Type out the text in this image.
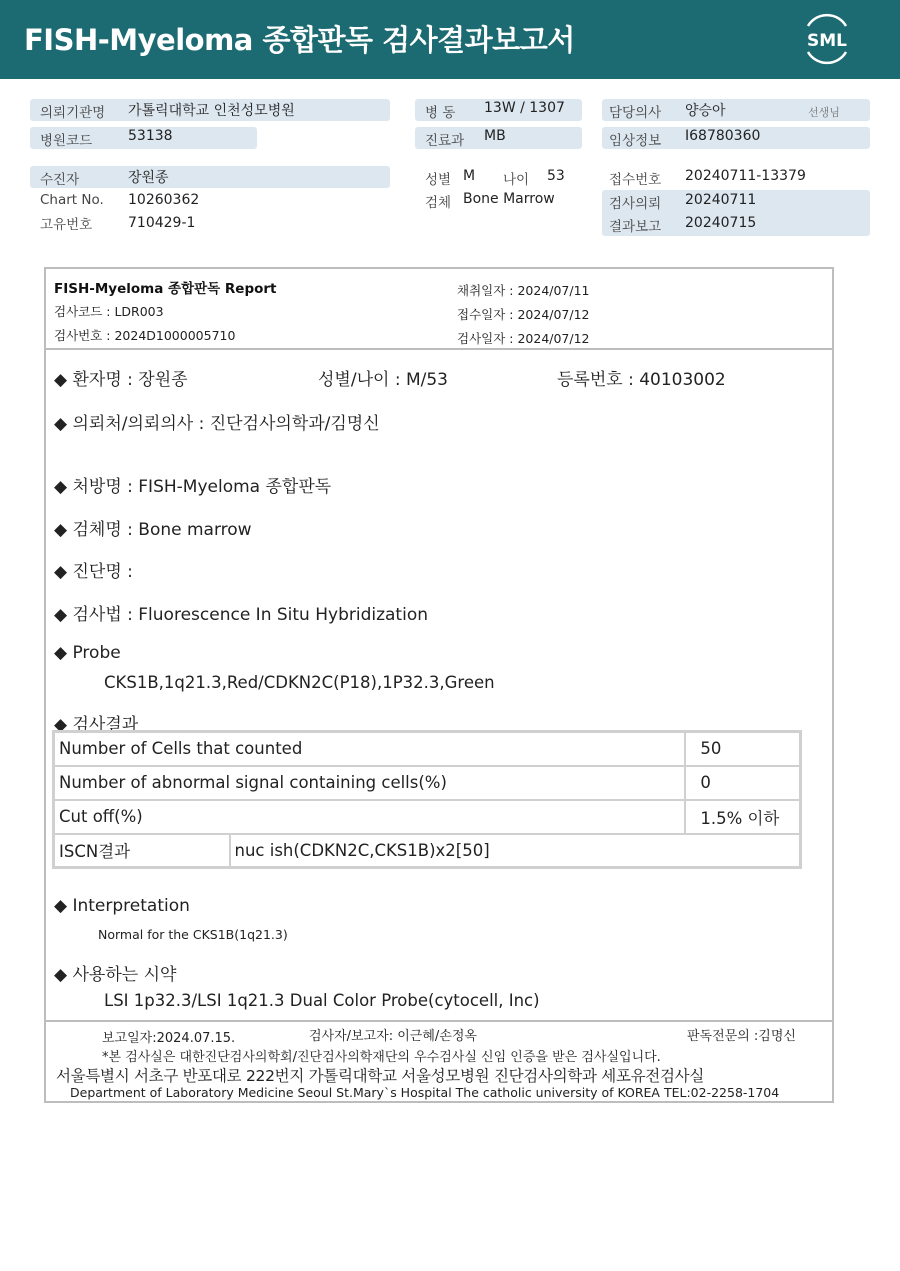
FISH-Myeloma 종합판독 검사결과보고서	SML
의뢰기관명 가톨릭대학교 인천성모병원
병원코드	53138
병 동 13W / 1307
진료과 MB
담당의사 양승아	선생님
임상정보 I68780360
수진자	장원종
Chart No. 10260362
고유번호	710429-1
성별 M 나이 53
검체 Bone Marrow
접수번호 20240711-13379
검사의뢰 20240711
결과보고 20240715
FISH-Myeloma 종합판독 Report
검사코드 : LDR003
검사번호 : 2024D1000005710
채취일자 : 2024/07/11
접수일자 : 2024/07/12
검사일자 : 2024/07/12
◆ 환자명 : 장원종	성별/나이 : M/53	등록번호 : 40103002
◆ 의뢰처/의뢰의사 : 진단검사의학과/김명신
◆ 처방명 : FISH-Myeloma 종합판독
◆ 검체명 : Bone marrow
◆ 진단명 :
◆ 검사법 : Fluorescence In Situ Hybridization
◆ Probe
CKS1B,1q21.3,Red/CDKN2C(P18),1P32.3,Green
◆ 검사결과
Number of Cells that counted		50
Number of abnormal signal containing cells(%)		0
Cut off(%)		1.5% 이하
ISCN결과	nuc ish(CDKN2C,CKS1B)x2[50]	
◆ Interpretation
Normal for the CKS1B(1q21.3)
◆ 사용하는 시약
LSI 1p32.3/LSI 1q21.3 Dual Color Probe(cytocell, Inc)
보고일자:2024.07.15.	검사자/보고자: 이근혜/손정옥	판독전문의 :김명신
*본 검사실은 대한진단검사의학회/진단검사의학재단의 우수검사실 신임 인증을 받은 검사실입니다.
서울특별시 서초구 반포대로 222번지 가톨릭대학교 서울성모병원 진단검사의학과 세포유전검사실
Department of Laboratory Medicine Seoul St.Mary`s Hospital The catholic university of KOREA TEL:02-2258-1704
